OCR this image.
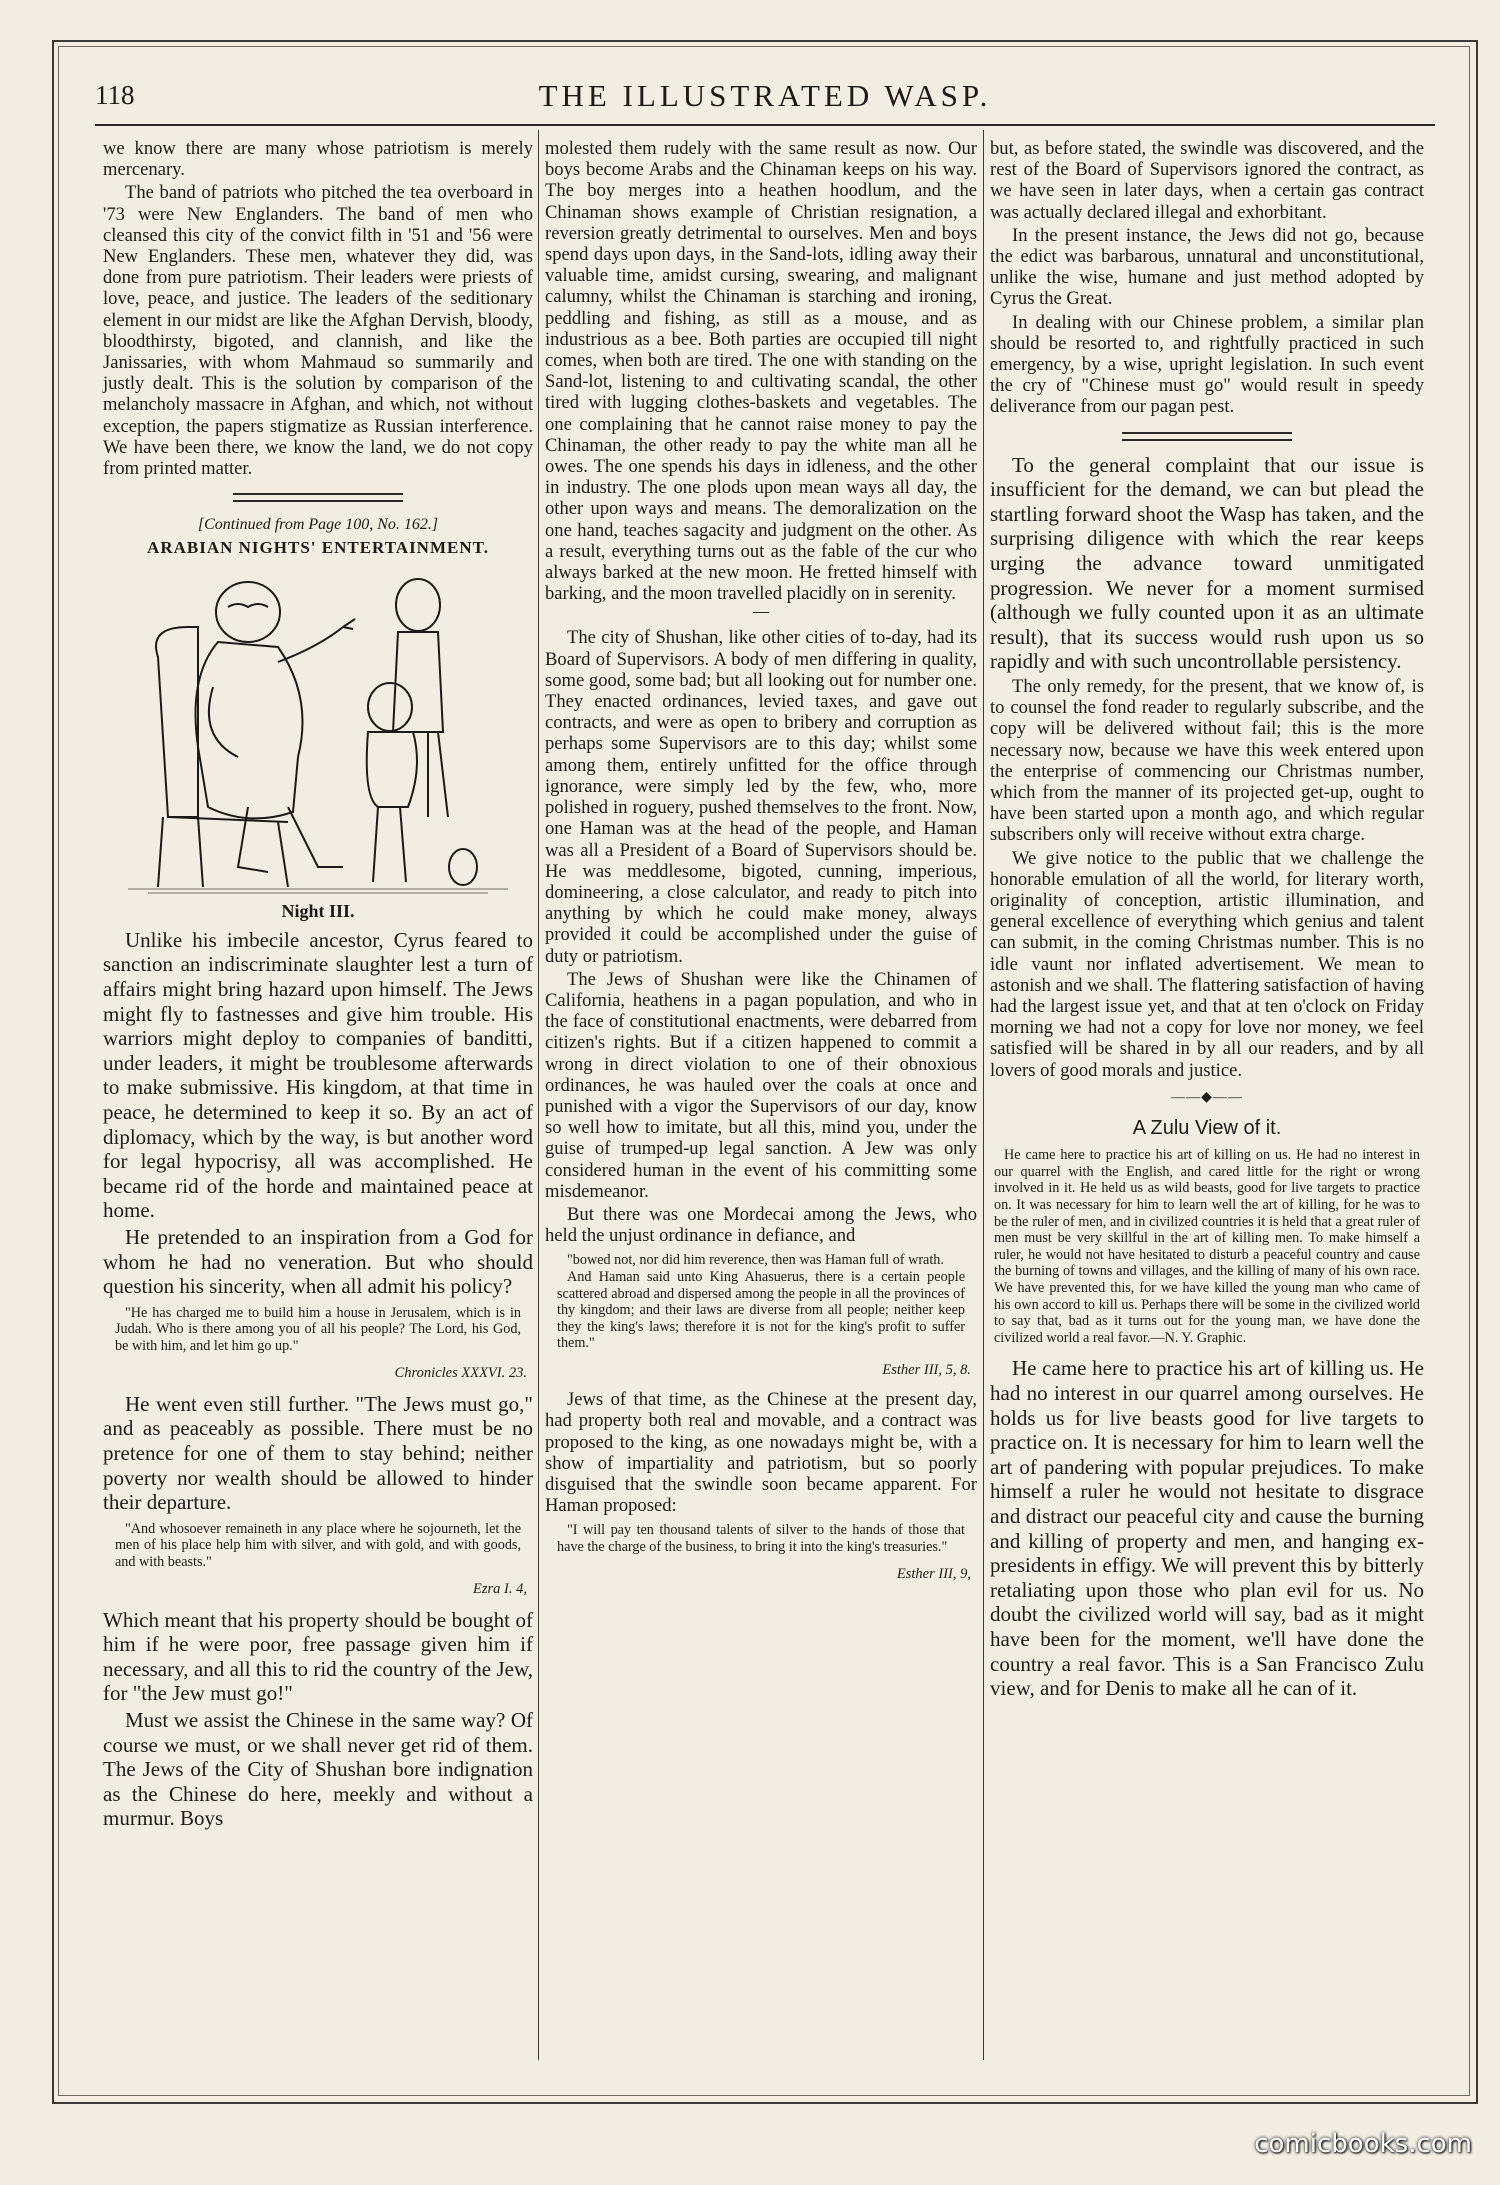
THE ILLUSTRATED WASP.
118

we know there are many whose patriotism is merely mercenary.

The band of patriots who pitched the tea overboard in '73 were New Englanders. The band of men who cleansed this city of the convict filth in '51 and '56 were New Englanders. These men, whatever they did, was done from pure patriotism. Their leaders were priests of love, peace, and justice. The leaders of the seditionary element in our midst are like the Afghan Dervish, bloody, bloodthirsty, bigoted, and clannish, and like the Janissaries, with whom Mahmaud so summarily and justly dealt. This is the solution by comparison of the melancholy massacre in Afghan, and which, not without exception, the papers stigmatize as Russian interference. We have been there, we know the land, we do not copy from printed matter.

[Continued from Page 100, No. 162.]
ARABIAN NIGHTS' ENTERTAINMENT.
Night III.

Unlike his imbecile ancestor, Cyrus feared to sanction an indiscriminate slaughter lest a turn of affairs might bring hazard upon himself. The Jews might fly to fastnesses and give him trouble. His warriors might deploy to companies of banditti, under leaders, it might be troublesome afterwards to make submissive. His kingdom, at that time in peace, he determined to keep it so. By an act of diplomacy, which by the way, is but another word for legal hypocrisy, all was accomplished. He became rid of the horde and maintained peace at home.

He pretended to an inspiration from a God for whom he had no veneration. But who should question his sincerity, when all admit his policy?

"He has charged me to build him a house in Jerusalem, which is in Judah. Who is there among you of all his people? The Lord, his God, be with him, and let him go up."

Chronicles XXXVI. 23.

He went even still further. "The Jews must go," and as peaceably as possible. There must be no pretence for one of them to stay behind; neither poverty nor wealth should be allowed to hinder their departure.

"And whosoever remaineth in any place where he sojourneth, let the men of his place help him with silver, and with gold, and with goods, and with beasts."

Ezra I. 4,

Which meant that his property should be bought of him if he were poor, free passage given him if necessary, and all this to rid the country of the Jew, for "the Jew must go!"

Must we assist the Chinese in the same way? Of course we must, or we shall never get rid of them. The Jews of the City of Shushan bore indignation as the Chinese do here, meekly and without a murmur. Boys

molested them rudely with the same result as now. Our boys become Arabs and the Chinaman keeps on his way. The boy merges into a heathen hoodlum, and the Chinaman shows example of Christian resignation, a reversion greatly detrimental to ourselves. Men and boys spend days upon days, in the Sand-lots, idling away their valuable time, amidst cursing, swearing, and malignant calumny, whilst the Chinaman is starching and ironing, peddling and fishing, as still as a mouse, and as industrious as a bee. Both parties are occupied till night comes, when both are tired. The one with standing on the Sand-lot, listening to and cultivating scandal, the other tired with lugging clothes-baskets and vegetables. The one complaining that he cannot raise money to pay the Chinaman, the other ready to pay the white man all he owes. The one spends his days in idleness, and the other in industry. The one plods upon mean ways all day, the other upon ways and means. The demoralization on the one hand, teaches sagacity and judgment on the other. As a result, everything turns out as the fable of the cur who always barked at the new moon. He fretted himself with barking, and the moon travelled placidly on in serenity.

The city of Shushan, like other cities of to-day, had its Board of Supervisors. A body of men differing in quality, some good, some bad; but all looking out for number one. They enacted ordinances, levied taxes, and gave out contracts, and were as open to bribery and corruption as perhaps some Supervisors are to this day; whilst some among them, entirely unfitted for the office through ignorance, were simply led by the few, who, more polished in roguery, pushed themselves to the front. Now, one Haman was at the head of the people, and Haman was all a President of a Board of Supervisors should be. He was meddlesome, bigoted, cunning, imperious, domineering, a close calculator, and ready to pitch into anything by which he could make money, always provided it could be accomplished under the guise of duty or patriotism.

The Jews of Shushan were like the Chinamen of California, heathens in a pagan population, and who in the face of constitutional enactments, were debarred from citizen's rights. But if a citizen happened to commit a wrong in direct violation to one of their obnoxious ordinances, he was hauled over the coals at once and punished with a vigor the Supervisors of our day, know so well how to imitate, but all this, mind you, under the guise of trumped-up legal sanction. A Jew was only considered human in the event of his committing some misdemeanor.

But there was one Mordecai among the Jews, who held the unjust ordinance in defiance, and

"bowed not, nor did him reverence, then was Haman full of wrath.

And Haman said unto King Ahasuerus, there is a certain people scattered abroad and dispersed among the people in all the provinces of thy kingdom; and their laws are diverse from all people; neither keep they the king's laws; therefore it is not for the king's profit to suffer them."

Esther III, 5, 8.

Jews of that time, as the Chinese at the present day, had property both real and movable, and a contract was proposed to the king, as one nowadays might be, with a show of impartiality and patriotism, but so poorly disguised that the swindle soon became apparent. For Haman proposed:

"I will pay ten thousand talents of silver to the hands of those that have the charge of the business, to bring it into the king's treasuries."

Esther III, 9,

but, as before stated, the swindle was discovered, and the rest of the Board of Supervisors ignored the contract, as we have seen in later days, when a certain gas contract was actually declared illegal and exhorbitant.

In the present instance, the Jews did not go, because the edict was barbarous, unnatural and unconstitutional, unlike the wise, humane and just method adopted by Cyrus the Great.

In dealing with our Chinese problem, a similar plan should be resorted to, and rightfully practiced in such emergency, by a wise, upright legislation. In such event the cry of "Chinese must go" would result in speedy deliverance from our pagan pest.

To the general complaint that our issue is insufficient for the demand, we can but plead the startling forward shoot the Wasp has taken, and the surprising diligence with which the rear keeps urging the advance toward unmitigated progression. We never for a moment surmised (although we fully counted upon it as an ultimate result), that its success would rush upon us so rapidly and with such uncontrollable persistency.

The only remedy, for the present, that we know of, is to counsel the fond reader to regularly subscribe, and the copy will be delivered without fail; this is the more necessary now, because we have this week entered upon the enterprise of commencing our Christmas number, which from the manner of its projected get-up, ought to have been started upon a month ago, and which regular subscribers only will receive without extra charge.

We give notice to the public that we challenge the honorable emulation of all the world, for literary worth, originality of conception, artistic illumination, and general excellence of everything which genius and talent can submit, in the coming Christmas number. This is no idle vaunt nor inflated advertisement. We mean to astonish and we shall. The flattering satisfaction of having had the largest issue yet, and that at ten o'clock on Friday morning we had not a copy for love nor money, we feel satisfied will be shared in by all our readers, and by all lovers of good morals and justice.

——◆——
A Zulu View of it.

He came here to practice his art of killing on us. He had no interest in our quarrel with the English, and cared little for the right or wrong involved in it. He held us as wild beasts, good for live targets to practice on. It was necessary for him to learn well the art of killing, for he was to be the ruler of men, and in civilized countries it is held that a great ruler of men must be very skillful in the art of killing men. To make himself a ruler, he would not have hesitated to disturb a peaceful country and cause the burning of towns and villages, and the killing of many of his own race. We have prevented this, for we have killed the young man who came of his own accord to kill us. Perhaps there will be some in the civilized world to say that, bad as it turns out for the young man, we have done the civilized world a real favor.—N. Y. Graphic.

He came here to practice his art of killing us. He had no interest in our quarrel among ourselves. He holds us for live beasts good for live targets to practice on. It is necessary for him to learn well the art of pandering with popular prejudices. To make himself a ruler he would not hesitate to disgrace and distract our peaceful city and cause the burning and killing of property and men, and hanging ex-presidents in effigy. We will prevent this by bitterly retaliating upon those who plan evil for us. No doubt the civilized world will say, bad as it might have been for the moment, we'll have done the country a real favor. This is a San Francisco Zulu view, and for Denis to make all he can of it.

comicbooks.com
